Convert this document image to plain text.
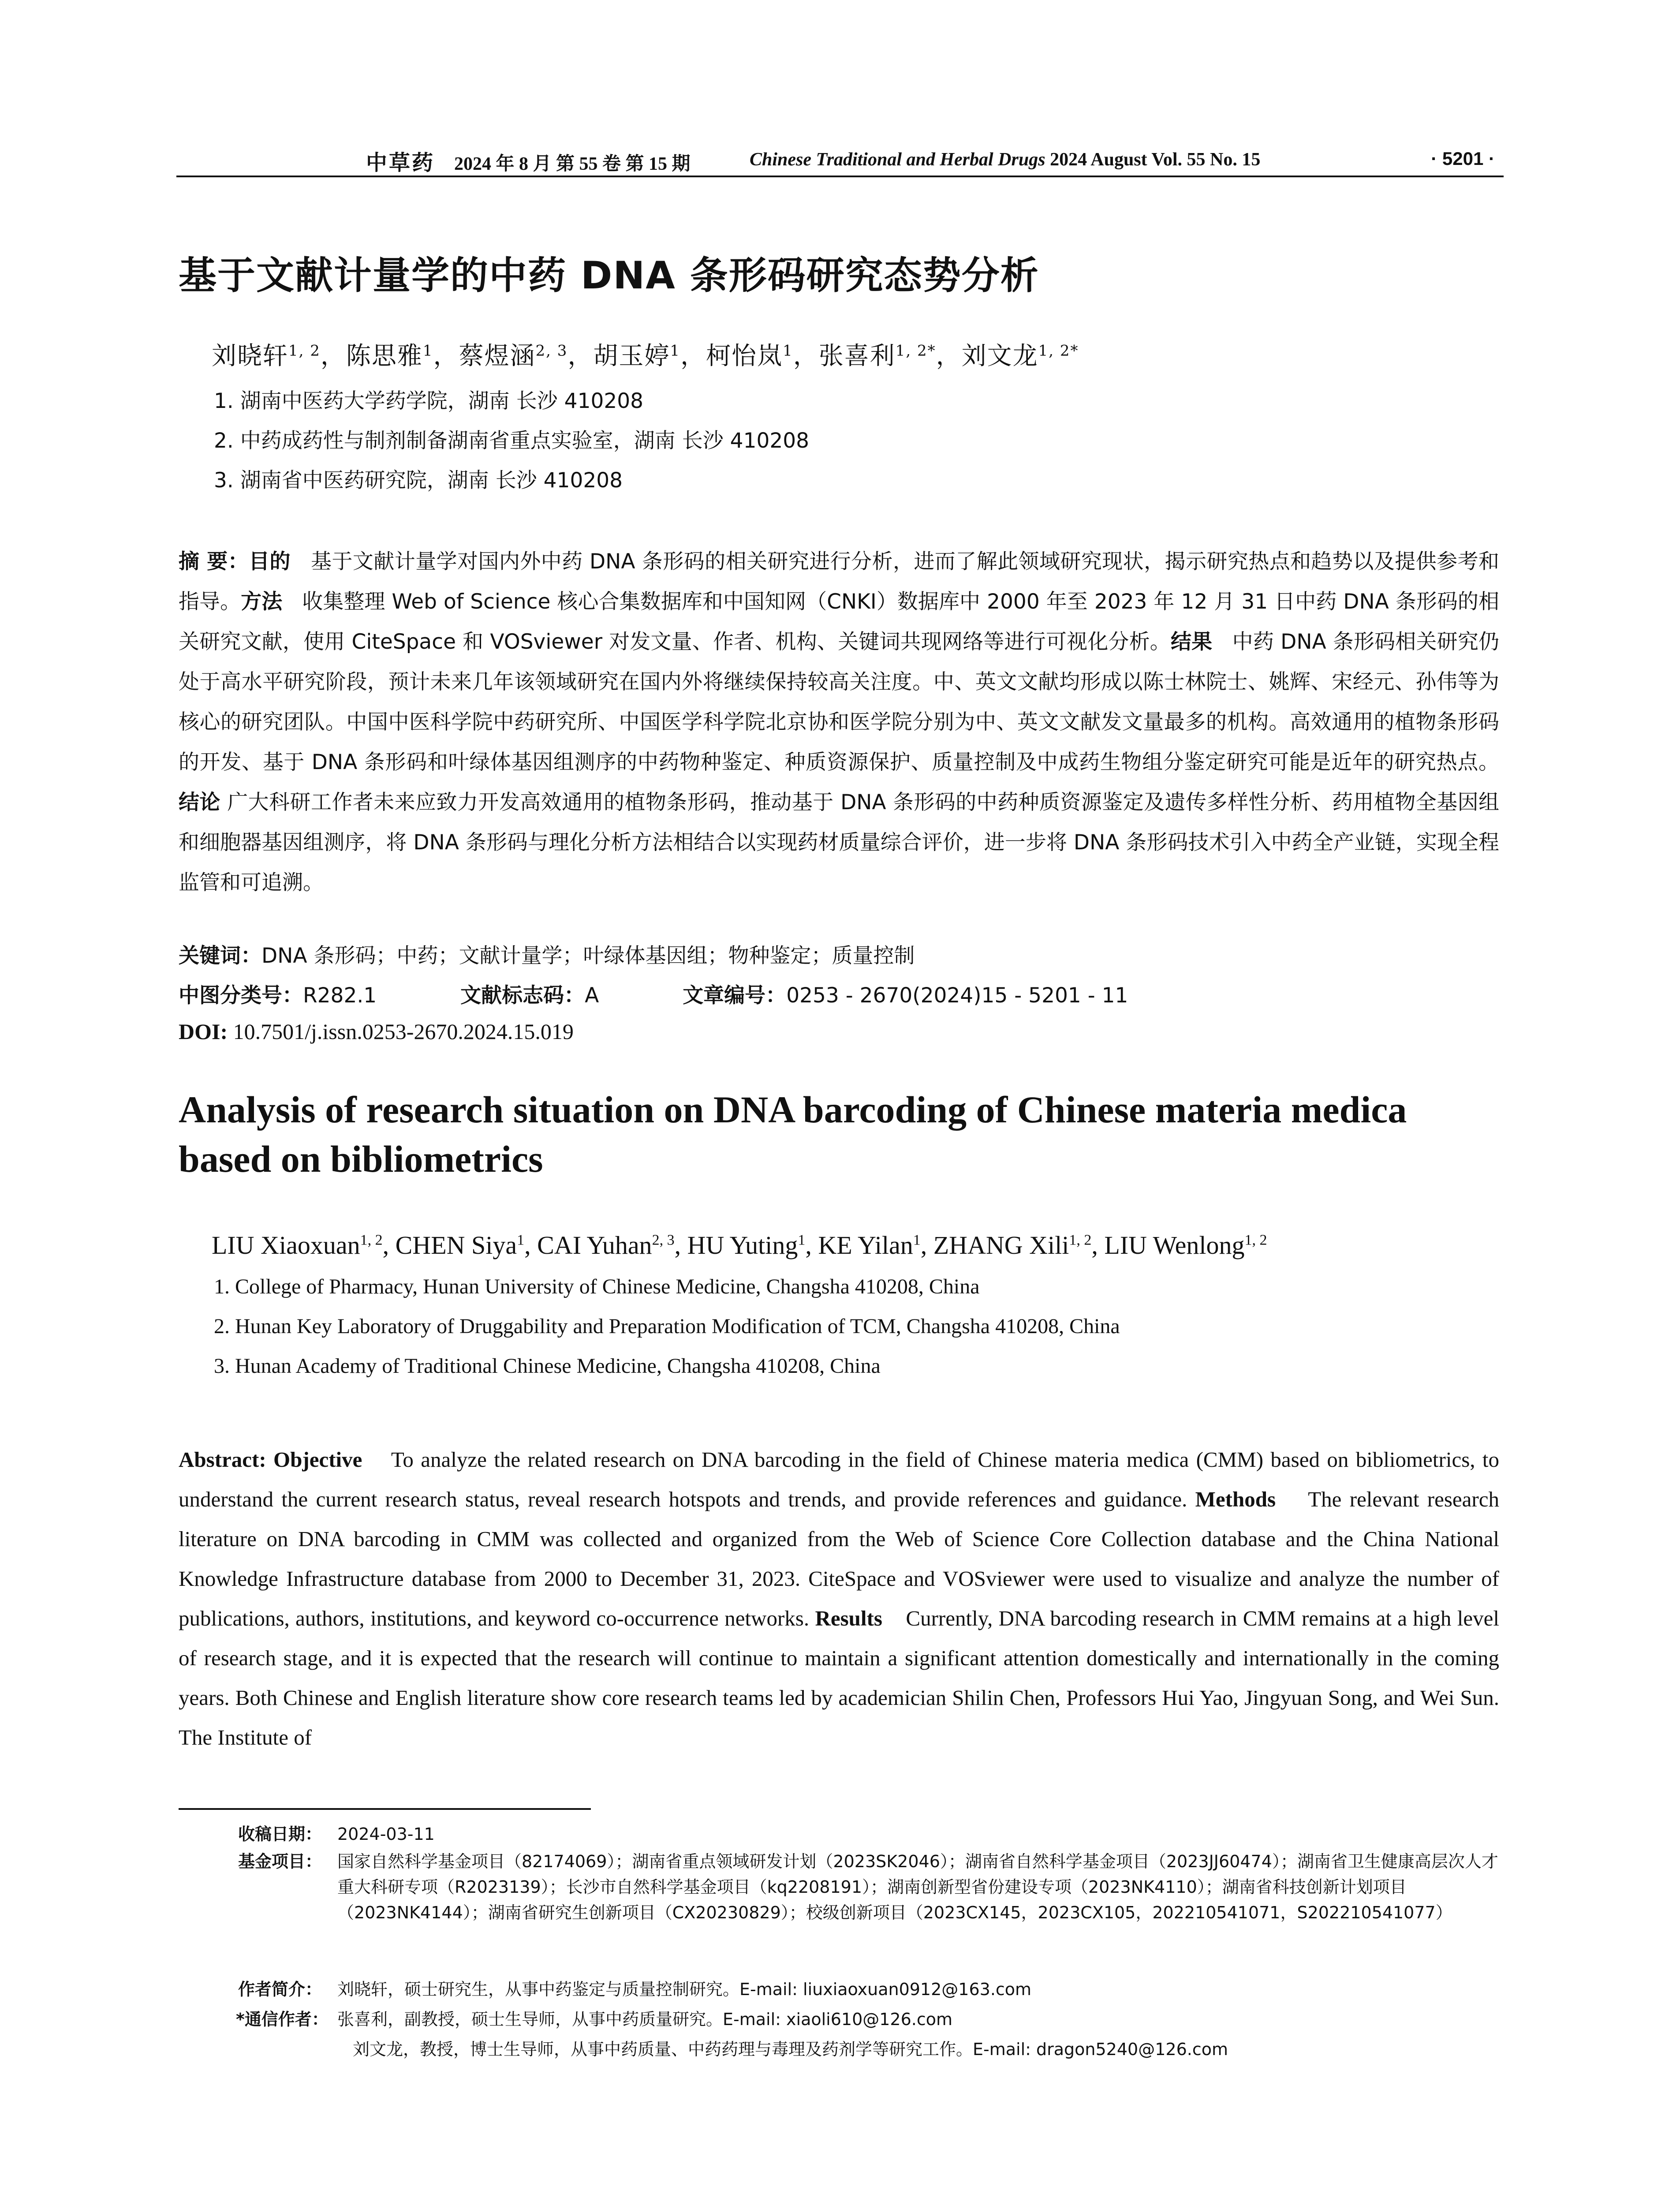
中草药 2024 年 8 月 第 55 卷 第 15 期	Chinese Traditional and Herbal Drugs 2024 August Vol. 55 No. 15	· 5201 ·
基于文献计量学的中药 DNA 条形码研究态势分析
刘晓轩$^{1, 2}$，陈思雅$^1$，蔡煜涵$^{2, 3}$，胡玉婷$^1$，柯怡岚$^1$，张喜利$^{1, 2*}$，刘文龙$^{1, 2*}$
1. 湖南中医药大学药学院，湖南 长沙 410208
2. 中药成药性与制剂制备湖南省重点实验室，湖南 长沙 410208
3. 湖南省中医药研究院，湖南 长沙 410208
摘 要：目的 基于文献计量学对国内外中药 DNA 条形码的相关研究进行分析，进而了解此领域研究现状，揭示研究热点和趋势以及提供参考和指导。方法 收集整理 Web of Science 核心合集数据库和中国知网（CNKI）数据库中 2000 年至 2023 年 12 月 31 日中药 DNA 条形码的相关研究文献，使用 CiteSpace 和 VOSviewer 对发文量、作者、机构、关键词共现网络等进行可视化分析。结果 中药 DNA 条形码相关研究仍处于高水平研究阶段，预计未来几年该领域研究在国内外将继续保持较高关注度。中、英文文献均形成以陈士林院士、姚辉、宋经元、孙伟等为核心的研究团队。中国中医科学院中药研究所、中国医学科学院北京协和医学院分别为中、英文文献发文量最多的机构。高效通用的植物条形码的开发、基于 DNA 条形码和叶绿体基因组测序的中药物种鉴定、种质资源保护、质量控制及中成药生物组分鉴定研究可能是近年的研究热点。结论 广大科研工作者未来应致力开发高效通用的植物条形码，推动基于 DNA 条形码的中药种质资源鉴定及遗传多样性分析、药用植物全基因组和细胞器基因组测序，将 DNA 条形码与理化分析方法相结合以实现药材质量综合评价，进一步将 DNA 条形码技术引入中药全产业链，实现全程监管和可追溯。
关键词：DNA 条形码；中药；文献计量学；叶绿体基因组；物种鉴定；质量控制
中图分类号：R282.1	文献标志码：A	文章编号：0253 - 2670(2024)15 - 5201 - 11
DOI: 10.7501/j.issn.0253-2670.2024.15.019
Analysis of research situation on DNA barcoding of Chinese materia medica
based on bibliometrics
LIU Xiaoxuan$^{1, 2}$, CHEN Siya$^1$, CAI Yuhan$^{2, 3}$, HU Yuting$^1$, KE Yilan$^1$, ZHANG Xili$^{1, 2}$, LIU Wenlong$^{1, 2}$
1. College of Pharmacy, Hunan University of Chinese Medicine, Changsha 410208, China
2. Hunan Key Laboratory of Druggability and Preparation Modification of TCM, Changsha 410208, China
3. Hunan Academy of Traditional Chinese Medicine, Changsha 410208, China
Abstract: Objective To analyze the related research on DNA barcoding in the field of Chinese materia medica (CMM) based on bibliometrics, to understand the current research status, reveal research hotspots and trends, and provide references and guidance. Methods The relevant research literature on DNA barcoding in CMM was collected and organized from the Web of Science Core Collection database and the China National Knowledge Infrastructure database from 2000 to December 31, 2023. CiteSpace and VOSviewer were used to visualize and analyze the number of publications, authors, institutions, and keyword co-occurrence networks. Results Currently, DNA barcoding research in CMM remains at a high level of research stage, and it is expected that the research will continue to maintain a significant attention domestically and internationally in the coming years. Both Chinese and English literature show core research teams led by academician Shilin Chen, Professors Hui Yao, Jingyuan Song, and Wei Sun. The Institute of
收稿日期： 2024-03-11
基金项目： 国家自然科学基金项目（82174069）；湖南省重点领域研发计划（2023SK2046）；湖南省自然科学基金项目（2023JJ60474）；湖南省卫生健康高层次人才重大科研专项（R2023139）；长沙市自然科学基金项目（kq2208191）；湖南创新型省份建设专项（2023NK4110）；湖南省科技创新计划项目（2023NK4144）；湖南省研究生创新项目（CX20230829）；校级创新项目（2023CX145，2023CX105，202210541071，S202210541077）
作者简介： 刘晓轩，硕士研究生，从事中药鉴定与质量控制研究。E-mail: liuxiaoxuan0912@163.com
*通信作者： 张喜利，副教授，硕士生导师，从事中药质量研究。E-mail: xiaoli610@126.com
刘文龙，教授，博士生导师，从事中药质量、中药药理与毒理及药剂学等研究工作。E-mail: dragon5240@126.com
